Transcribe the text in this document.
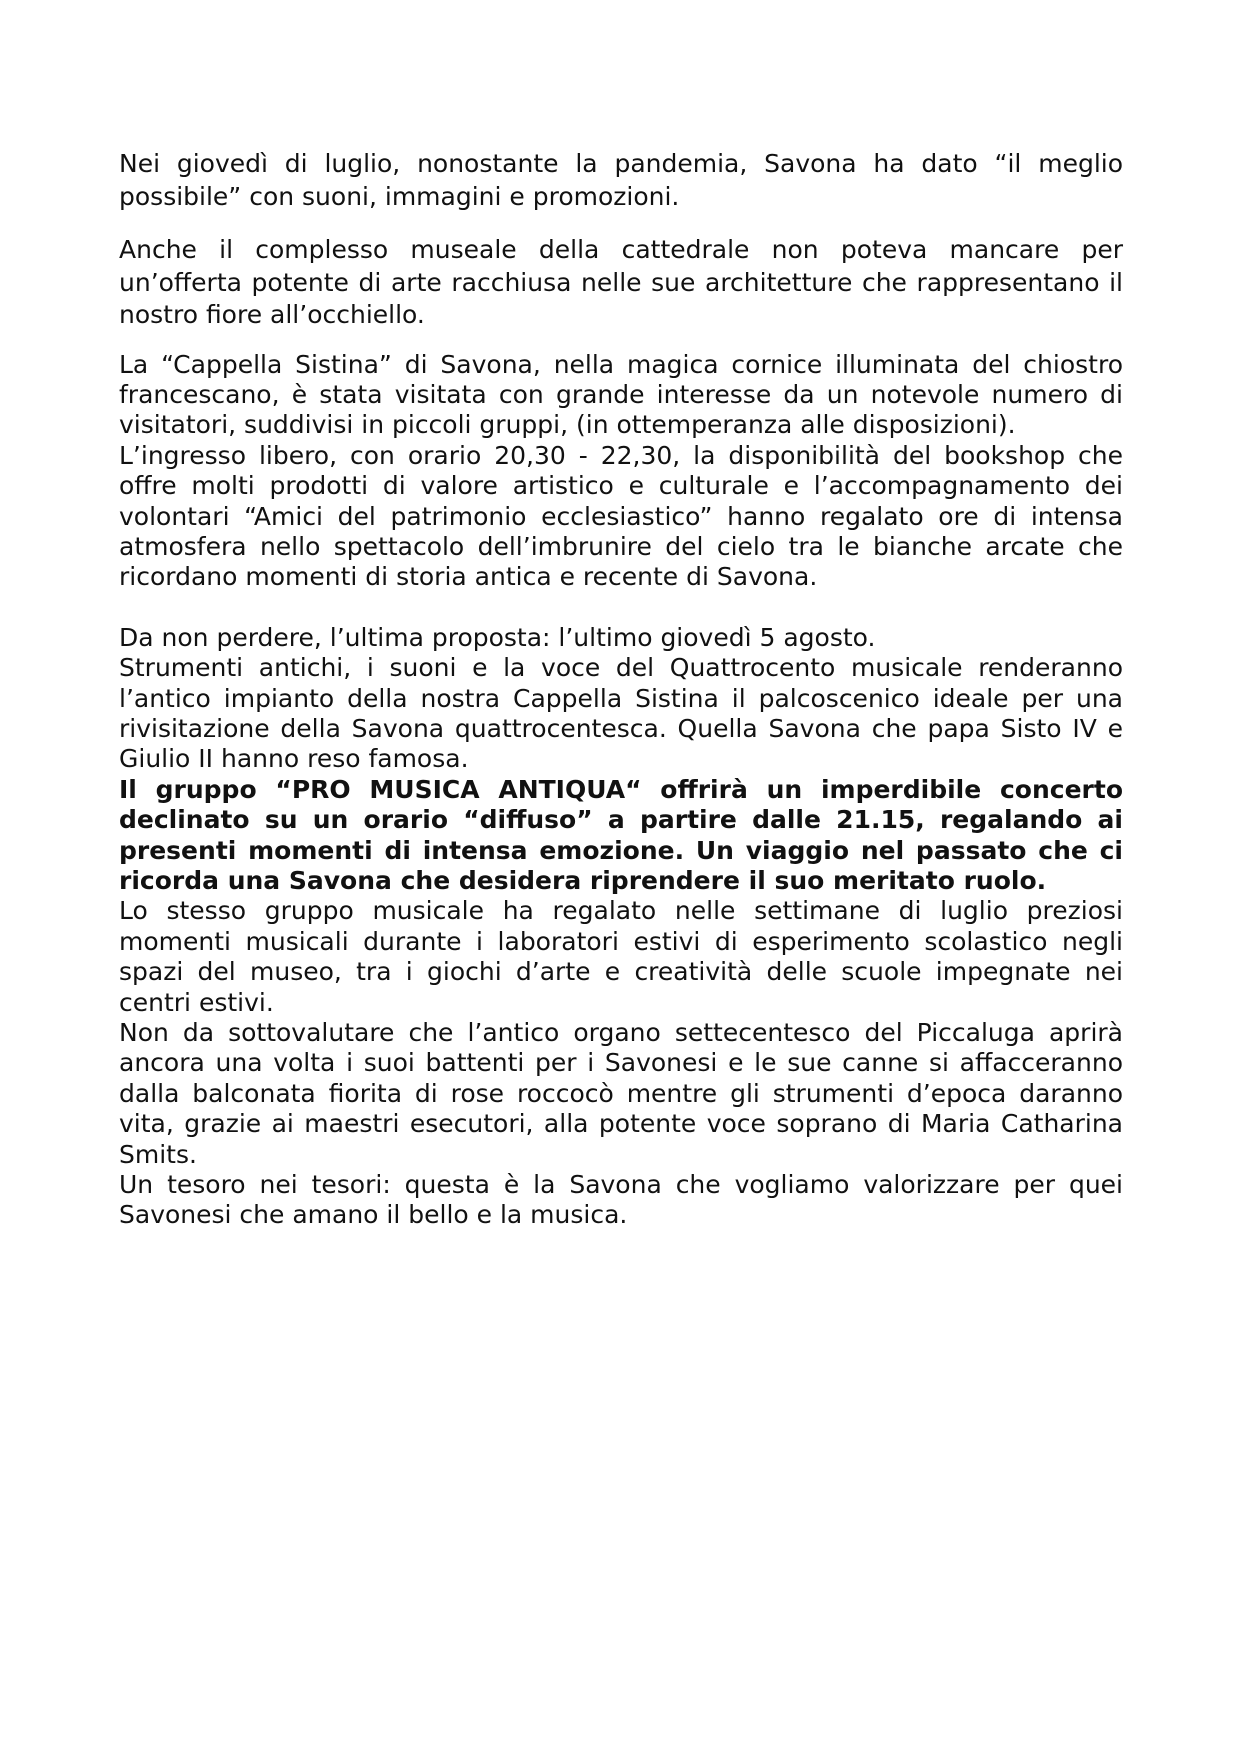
Nei giovedì di luglio, nonostante la pandemia, Savona ha dato “il meglio possibile” con suoni, immagini e promozioni.

Anche il complesso museale della cattedrale non poteva mancare per un’offerta potente di arte racchiusa nelle sue architetture che rappresentano il nostro fiore all’occhiello.

La “Cappella Sistina” di Savona, nella magica cornice illuminata del chiostro francescano, è stata visitata con grande interesse da un notevole numero di visitatori, suddivisi in piccoli gruppi, (in ottemperanza alle disposizioni).

L’ingresso libero, con orario 20,30 - 22,30, la disponibilità del bookshop che offre molti prodotti di valore artistico e culturale e l’accompagnamento dei volontari “Amici del patrimonio ecclesiastico” hanno regalato ore di intensa atmosfera nello spettacolo dell’imbrunire del cielo tra le bianche arcate che ricordano momenti di storia antica e recente di Savona.

Da non perdere, l’ultima proposta: l’ultimo giovedì 5 agosto.

Strumenti antichi, i suoni e la voce del Quattrocento musicale renderanno l’antico impianto della nostra Cappella Sistina il palcoscenico ideale per una rivisitazione della Savona quattrocentesca. Quella Savona che papa Sisto IV e Giulio II hanno reso famosa.

Il gruppo “PRO MUSICA ANTIQUA“ offrirà un imperdibile concerto declinato su un orario “diffuso” a partire dalle 21.15, regalando ai presenti momenti di intensa emozione. Un viaggio nel passato che ci ricorda una Savona che desidera riprendere il suo meritato ruolo.

Lo stesso gruppo musicale ha regalato nelle settimane di luglio preziosi momenti musicali durante i laboratori estivi di esperimento scolastico negli spazi del museo, tra i giochi d’arte e creatività delle scuole impegnate nei centri estivi.

Non da sottovalutare che l’antico organo settecentesco del Piccaluga aprirà ancora una volta i suoi battenti per i Savonesi e le sue canne si affacceranno dalla balconata fiorita di rose roccocò mentre gli strumenti d’epoca daranno vita, grazie ai maestri esecutori, alla potente voce soprano di Maria Catharina Smits.

Un tesoro nei tesori: questa è la Savona che vogliamo valorizzare per quei Savonesi che amano il bello e la musica.
